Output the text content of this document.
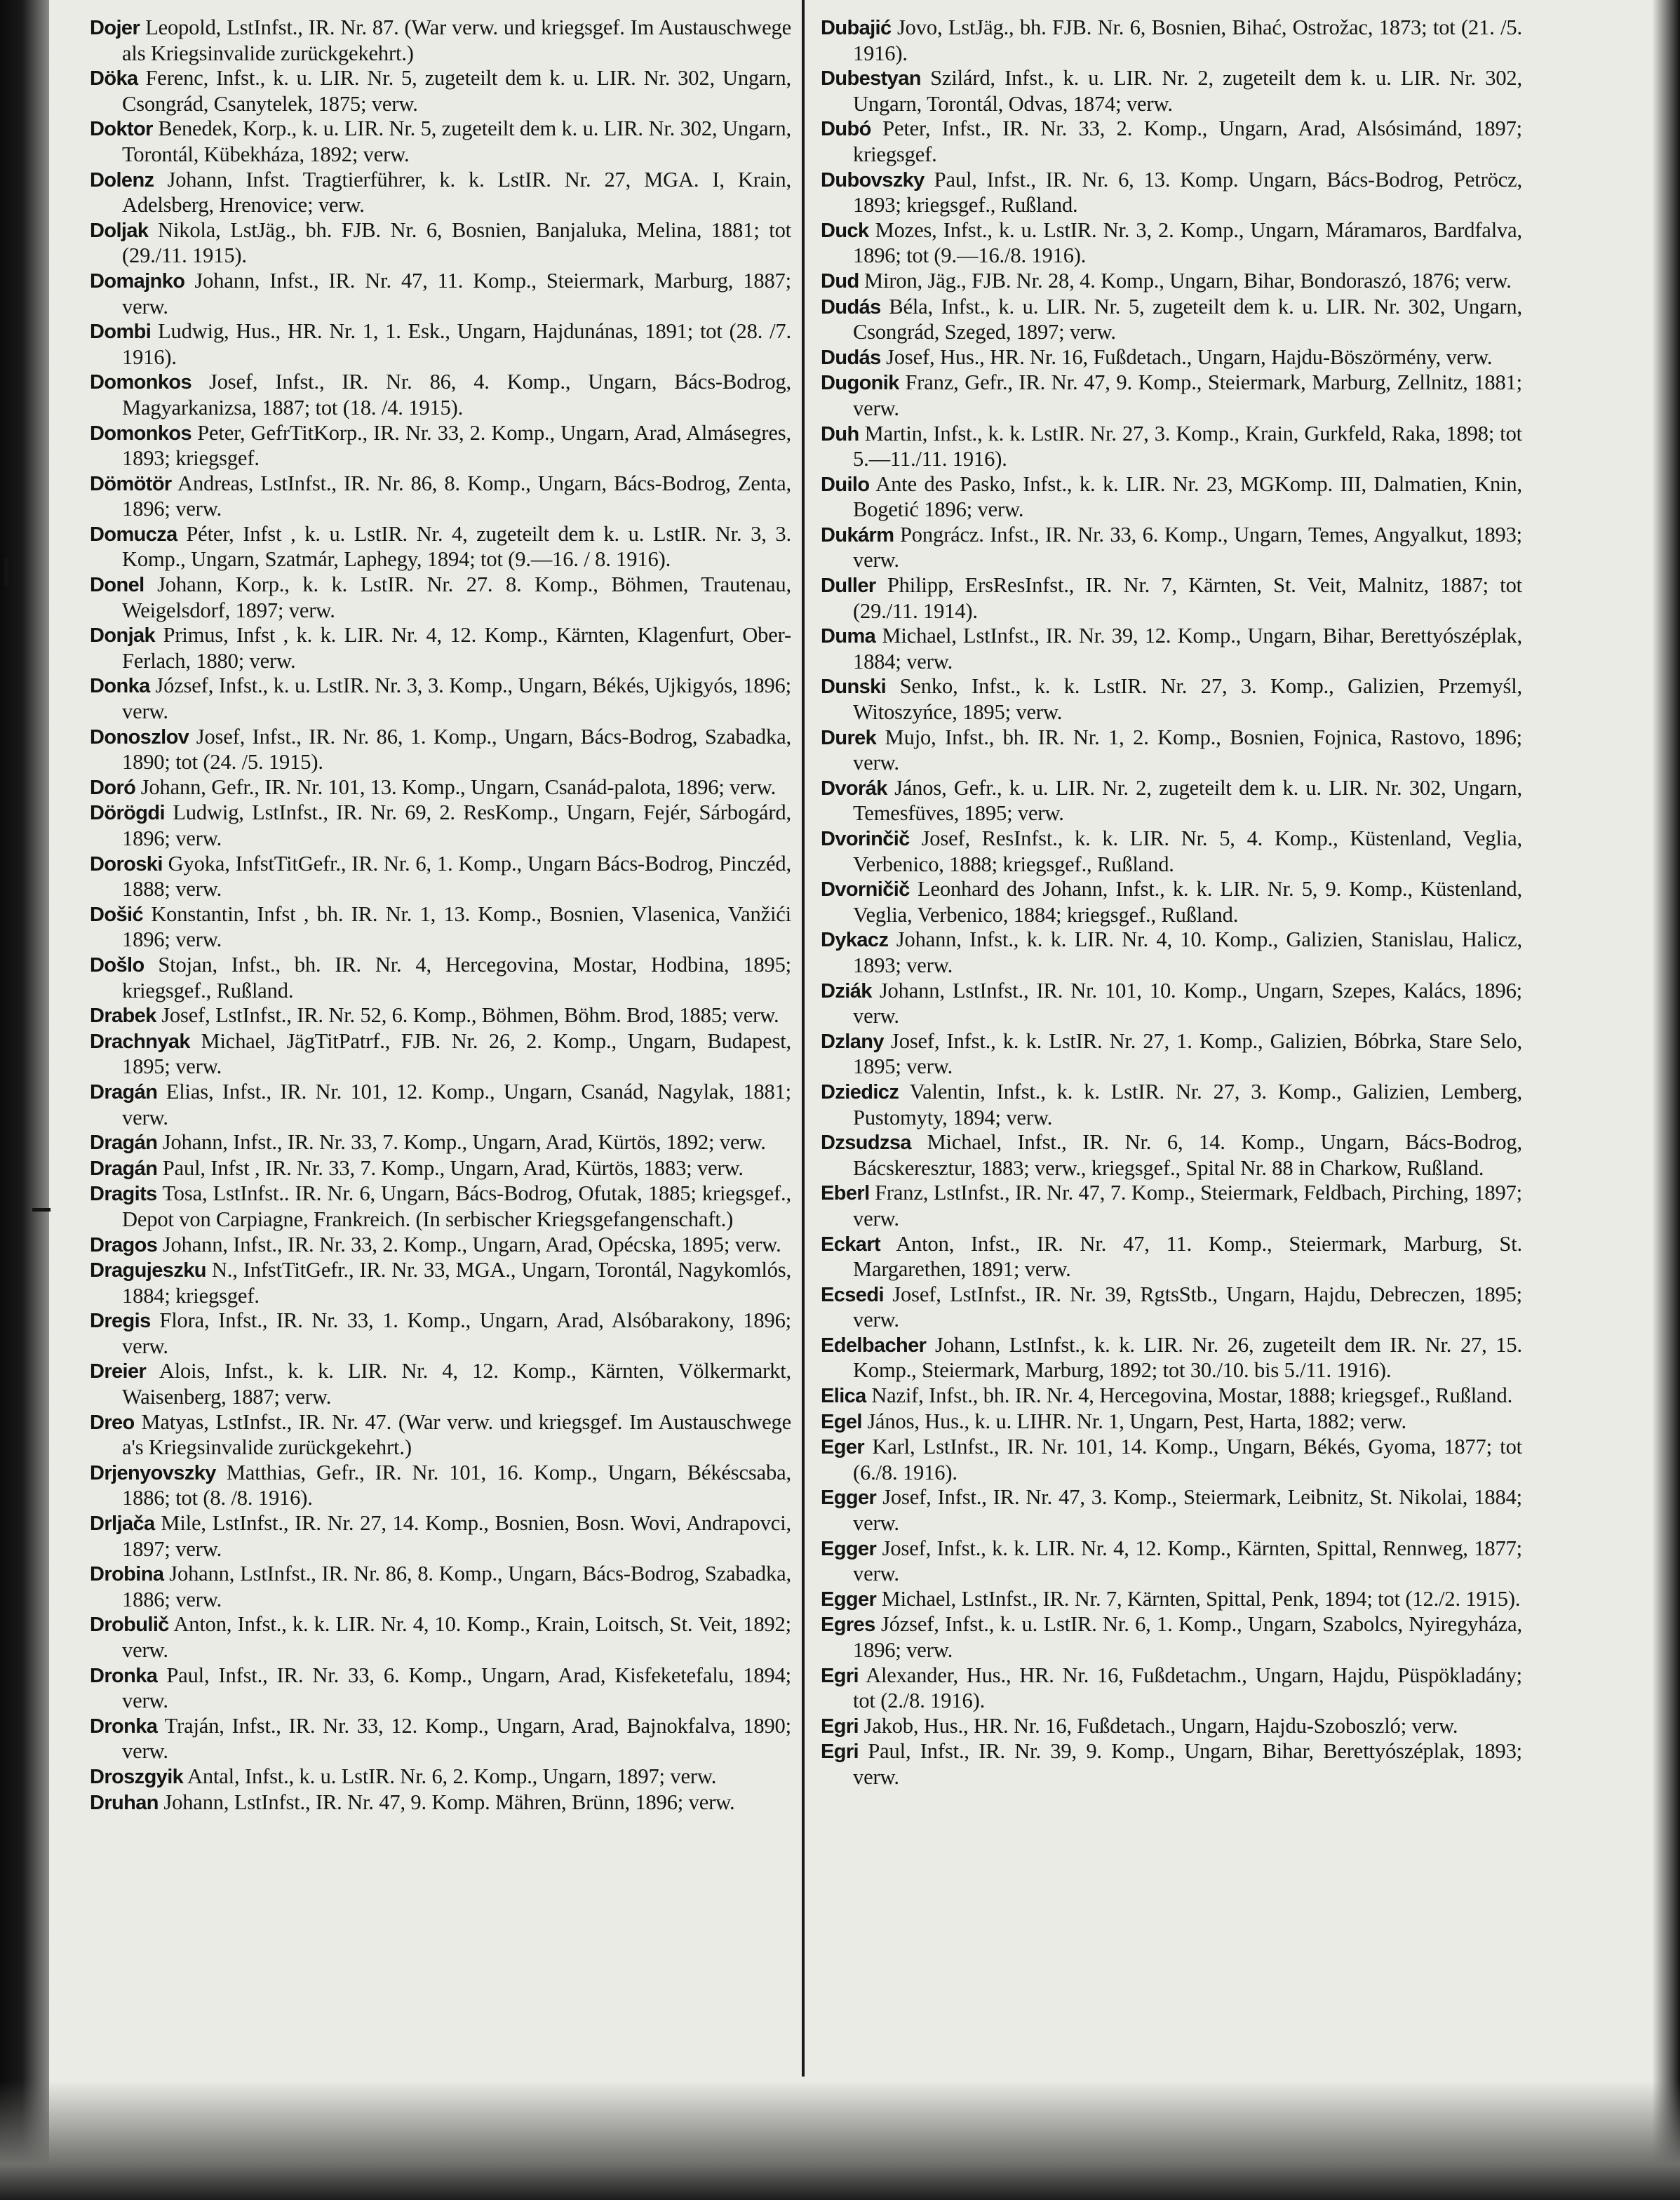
Dojer Leopold, LstInfst., IR. Nr. 87. (War verw. und kriegsgef. Im Austauschwege als Kriegsinvalide zurückgekehrt.)

Döka Ferenc, Infst., k. u. LIR. Nr. 5, zugeteilt dem k. u. LIR. Nr. 302, Ungarn, Csongrád, Csanytelek, 1875; verw.

Doktor Benedek, Korp., k. u. LIR. Nr. 5, zugeteilt dem k. u. LIR. Nr. 302, Ungarn, Torontál, Kübekháza, 1892; verw.

Dolenz Johann, Infst. Tragtierführer, k. k. LstIR. Nr. 27, MGA. I, Krain, Adelsberg, Hrenovice; verw.

Doljak Nikola, LstJäg., bh. FJB. Nr. 6, Bosnien, Banjaluka, Melina, 1881; tot (29./11. 1915).

Domajnko Johann, Infst., IR. Nr. 47, 11. Komp., Steiermark, Marburg, 1887; verw.

Dombi Ludwig, Hus., HR. Nr. 1, 1. Esk., Ungarn, Hajdunánas, 1891; tot (28. /7. 1916).

Domonkos Josef, Infst., IR. Nr. 86, 4. Komp., Ungarn, Bács-Bodrog, Magyarkanizsa, 1887; tot (18. /4. 1915).

Domonkos Peter, GefrTitKorp., IR. Nr. 33, 2. Komp., Ungarn, Arad, Almásegres, 1893; kriegsgef.

Dömötör Andreas, LstInfst., IR. Nr. 86, 8. Komp., Ungarn, Bács-Bodrog, Zenta, 1896; verw.

Domucza Péter, Infst , k. u. LstIR. Nr. 4, zugeteilt dem k. u. LstIR. Nr. 3, 3. Komp., Ungarn, Szatmár, Laphegy, 1894; tot (9.—16. / 8. 1916).

Donel Johann, Korp., k. k. LstIR. Nr. 27. 8. Komp., Böhmen, Trautenau, Weigelsdorf, 1897; verw.

Donjak Primus, Infst , k. k. LIR. Nr. 4, 12. Komp., Kärnten, Klagenfurt, Ober-Ferlach, 1880; verw.

Donka József, Infst., k. u. LstIR. Nr. 3, 3. Komp., Ungarn, Békés, Ujkigyós, 1896; verw.

Donoszlov Josef, Infst., IR. Nr. 86, 1. Komp., Ungarn, Bács-Bodrog, Szabadka, 1890; tot (24. /5. 1915).

Doró Johann, Gefr., IR. Nr. 101, 13. Komp., Ungarn, Csanád-palota, 1896; verw.

Dörögdi Ludwig, LstInfst., IR. Nr. 69, 2. ResKomp., Ungarn, Fejér, Sárbogárd, 1896; verw.

Doroski Gyoka, InfstTitGefr., IR. Nr. 6, 1. Komp., Ungarn Bács-Bodrog, Pinczéd, 1888; verw.

Došić Konstantin, Infst , bh. IR. Nr. 1, 13. Komp., Bosnien, Vlasenica, Vanžići 1896; verw.

Došlo Stojan, Infst., bh. IR. Nr. 4, Hercegovina, Mostar, Hodbina, 1895; kriegsgef., Rußland.

Drabek Josef, LstInfst., IR. Nr. 52, 6. Komp., Böhmen, Böhm. Brod, 1885; verw.

Drachnyak Michael, JägTitPatrf., FJB. Nr. 26, 2. Komp., Ungarn, Budapest, 1895; verw.

Dragán Elias, Infst., IR. Nr. 101, 12. Komp., Ungarn, Csanád, Nagylak, 1881; verw.

Dragán Johann, Infst., IR. Nr. 33, 7. Komp., Ungarn, Arad, Kürtös, 1892; verw.

Dragán Paul, Infst , IR. Nr. 33, 7. Komp., Ungarn, Arad, Kürtös, 1883; verw.

Dragits Tosa, LstInfst.. IR. Nr. 6, Ungarn, Bács-Bodrog, Ofutak, 1885; kriegsgef., Depot von Carpiagne, Frankreich. (In serbischer Kriegsgefangenschaft.)

Dragos Johann, Infst., IR. Nr. 33, 2. Komp., Ungarn, Arad, Opécska, 1895; verw.

Dragujeszku N., InfstTitGefr., IR. Nr. 33, MGA., Ungarn, Torontál, Nagykomlós, 1884; kriegsgef.

Dregis Flora, Infst., IR. Nr. 33, 1. Komp., Ungarn, Arad, Alsóbarakony, 1896; verw.

Dreier Alois, Infst., k. k. LIR. Nr. 4, 12. Komp., Kärnten, Völkermarkt, Waisenberg, 1887; verw.

Dreo Matyas, LstInfst., IR. Nr. 47. (War verw. und kriegsgef. Im Austauschwege a's Kriegsinvalide zurückgekehrt.)

Drjenyovszky Matthias, Gefr., IR. Nr. 101, 16. Komp., Ungarn, Békéscsaba, 1886; tot (8. /8. 1916).

Drljača Mile, LstInfst., IR. Nr. 27, 14. Komp., Bosnien, Bosn. Wovi, Andrapovci, 1897; verw.

Drobina Johann, LstInfst., IR. Nr. 86, 8. Komp., Ungarn, Bács-Bodrog, Szabadka, 1886; verw.

Drobulič Anton, Infst., k. k. LIR. Nr. 4, 10. Komp., Krain, Loitsch, St. Veit, 1892; verw.

Dronka Paul, Infst., IR. Nr. 33, 6. Komp., Ungarn, Arad, Kisfeketefalu, 1894; verw.

Dronka Traján, Infst., IR. Nr. 33, 12. Komp., Ungarn, Arad, Bajnokfalva, 1890; verw.

Droszgyik Antal, Infst., k. u. LstIR. Nr. 6, 2. Komp., Ungarn, 1897; verw.

Druhan Johann, LstInfst., IR. Nr. 47, 9. Komp. Mähren, Brünn, 1896; verw.

Dubajić Jovo, LstJäg., bh. FJB. Nr. 6, Bosnien, Bihać, Ostrožac, 1873; tot (21. /5. 1916).

Dubestyan Szilárd, Infst., k. u. LIR. Nr. 2, zugeteilt dem k. u. LIR. Nr. 302, Ungarn, Torontál, Odvas, 1874; verw.

Dubó Peter, Infst., IR. Nr. 33, 2. Komp., Ungarn, Arad, Alsósimánd, 1897; kriegsgef.

Dubovszky Paul, Infst., IR. Nr. 6, 13. Komp. Ungarn, Bács-Bodrog, Petröcz, 1893; kriegsgef., Rußland.

Duck Mozes, Infst., k. u. LstIR. Nr. 3, 2. Komp., Ungarn, Máramaros, Bardfalva, 1896; tot (9.—16./8. 1916).

Dud Miron, Jäg., FJB. Nr. 28, 4. Komp., Ungarn, Bihar, Bondoraszó, 1876; verw.

Dudás Béla, Infst., k. u. LIR. Nr. 5, zugeteilt dem k. u. LIR. Nr. 302, Ungarn, Csongrád, Szeged, 1897; verw.

Dudás Josef, Hus., HR. Nr. 16, Fußdetach., Ungarn, Hajdu-Böszörmény, verw.

Dugonik Franz, Gefr., IR. Nr. 47, 9. Komp., Steiermark, Marburg, Zellnitz, 1881; verw.

Duh Martin, Infst., k. k. LstIR. Nr. 27, 3. Komp., Krain, Gurkfeld, Raka, 1898; tot 5.—11./11. 1916).

Duilo Ante des Pasko, Infst., k. k. LIR. Nr. 23, MGKomp. III, Dalmatien, Knin, Bogetić 1896; verw.

Dukárm Pongrácz. Infst., IR. Nr. 33, 6. Komp., Ungarn, Temes, Angyalkut, 1893; verw.

Duller Philipp, ErsResInfst., IR. Nr. 7, Kärnten, St. Veit, Malnitz, 1887; tot (29./11. 1914).

Duma Michael, LstInfst., IR. Nr. 39, 12. Komp., Ungarn, Bihar, Berettyószéplak, 1884; verw.

Dunski Senko, Infst., k. k. LstIR. Nr. 27, 3. Komp., Galizien, Przemyśl, Witoszyńce, 1895; verw.

Durek Mujo, Infst., bh. IR. Nr. 1, 2. Komp., Bosnien, Fojnica, Rastovo, 1896; verw.

Dvorák János, Gefr., k. u. LIR. Nr. 2, zugeteilt dem k. u. LIR. Nr. 302, Ungarn, Temesfüves, 1895; verw.

Dvorinčič Josef, ResInfst., k. k. LIR. Nr. 5, 4. Komp., Küstenland, Veglia, Verbenico, 1888; kriegsgef., Rußland.

Dvorničič Leonhard des Johann, Infst., k. k. LIR. Nr. 5, 9. Komp., Küstenland, Veglia, Verbenico, 1884; kriegsgef., Rußland.

Dykacz Johann, Infst., k. k. LIR. Nr. 4, 10. Komp., Galizien, Stanislau, Halicz, 1893; verw.

Dziák Johann, LstInfst., IR. Nr. 101, 10. Komp., Ungarn, Szepes, Kalács, 1896; verw.

Dzlany Josef, Infst., k. k. LstIR. Nr. 27, 1. Komp., Galizien, Bóbrka, Stare Selo, 1895; verw.

Dziedicz Valentin, Infst., k. k. LstIR. Nr. 27, 3. Komp., Galizien, Lemberg, Pustomyty, 1894; verw.

Dzsudzsa Michael, Infst., IR. Nr. 6, 14. Komp., Ungarn, Bács-Bodrog, Bácskeresztur, 1883; verw., kriegsgef., Spital Nr. 88 in Charkow, Rußland.

Eberl Franz, LstInfst., IR. Nr. 47, 7. Komp., Steiermark, Feldbach, Pirching, 1897; verw.

Eckart Anton, Infst., IR. Nr. 47, 11. Komp., Steiermark, Marburg, St. Margarethen, 1891; verw.

Ecsedi Josef, LstInfst., IR. Nr. 39, RgtsStb., Ungarn, Hajdu, Debreczen, 1895; verw.

Edelbacher Johann, LstInfst., k. k. LIR. Nr. 26, zugeteilt dem IR. Nr. 27, 15. Komp., Steiermark, Marburg, 1892; tot 30./10. bis 5./11. 1916).

Elica Nazif, Infst., bh. IR. Nr. 4, Hercegovina, Mostar, 1888; kriegsgef., Rußland.

Egel János, Hus., k. u. LIHR. Nr. 1, Ungarn, Pest, Harta, 1882; verw.

Eger Karl, LstInfst., IR. Nr. 101, 14. Komp., Ungarn, Békés, Gyoma, 1877; tot (6./8. 1916).

Egger Josef, Infst., IR. Nr. 47, 3. Komp., Steiermark, Leibnitz, St. Nikolai, 1884; verw.

Egger Josef, Infst., k. k. LIR. Nr. 4, 12. Komp., Kärnten, Spittal, Rennweg, 1877; verw.

Egger Michael, LstInfst., IR. Nr. 7, Kärnten, Spittal, Penk, 1894; tot (12./2. 1915).

Egres József, Infst., k. u. LstIR. Nr. 6, 1. Komp., Ungarn, Szabolcs, Nyiregyháza, 1896; verw.

Egri Alexander, Hus., HR. Nr. 16, Fußdetachm., Ungarn, Hajdu, Püspökladány; tot (2./8. 1916).

Egri Jakob, Hus., HR. Nr. 16, Fußdetach., Ungarn, Hajdu-Szoboszló; verw.

Egri Paul, Infst., IR. Nr. 39, 9. Komp., Ungarn, Bihar, Berettyószéplak, 1893; verw.
